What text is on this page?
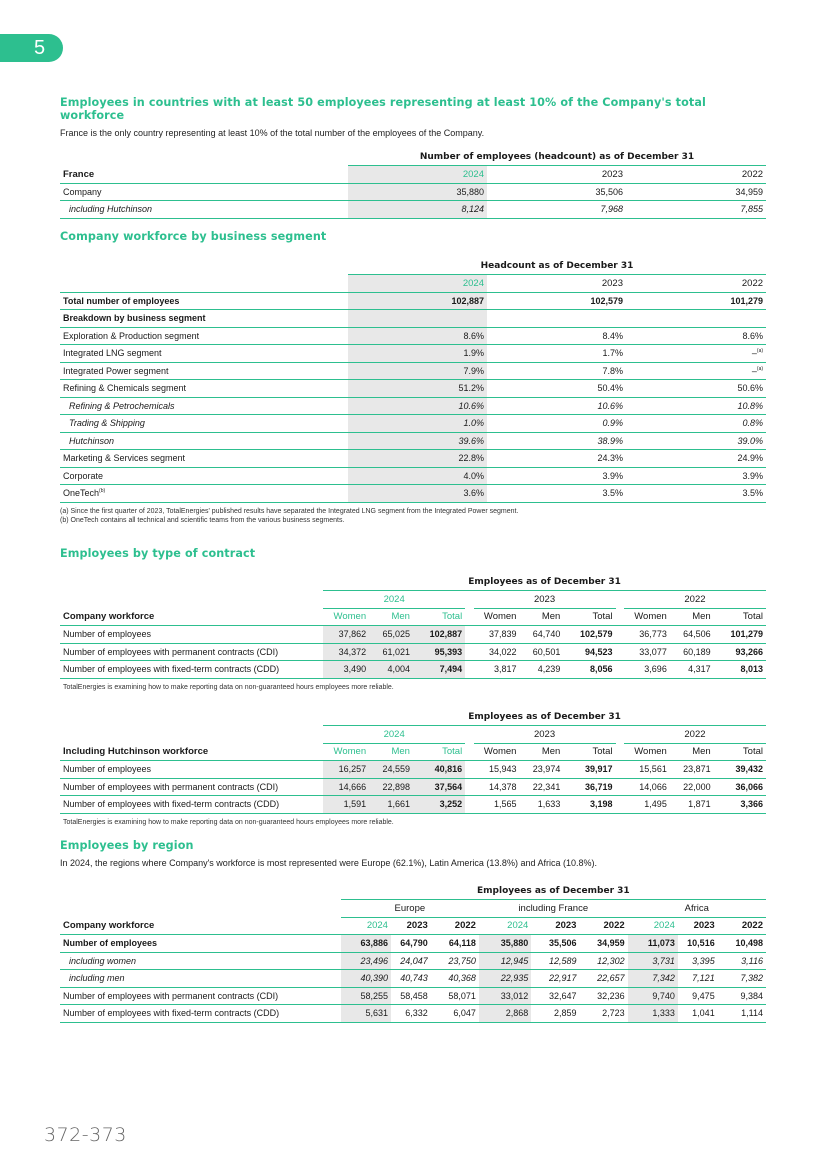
5
Employees in countries with at least 50 employees representing at least 10% of the Company's total workforce
France is the only country representing at least 10% of the total number of the employees of the Company.
	Number of employees (headcount) as of December 31		
France	2024	2023	2022
Company	35,880	35,506	34,959
including Hutchinson	8,124	7,968	7,855
Company workforce by business segment
	Headcount as of December 31		
	2024	2023	2022
Total number of employees	102,887	102,579	101,279
Breakdown by business segment			
Exploration & Production segment	8.6%	8.4%	8.6%
Integrated LNG segment	1.9%	1.7%	–$^{(a)}$
Integrated Power segment	7.9%	7.8%	–$^{(a)}$
Refining & Chemicals segment	51.2%	50.4%	50.6%
Refining & Petrochemicals	10.6%	10.6%	10.8%
Trading & Shipping	1.0%	0.9%	0.8%
Hutchinson	39.6%	38.9%	39.0%
Marketing & Services segment	22.8%	24.3%	24.9%
Corporate	4.0%	3.9%	3.9%
OneTech$^{(b)}$	3.6%	3.5%	3.5%
(a) Since the first quarter of 2023, TotalEnergies' published results have separated the Integrated LNG segment from the Integrated Power segment.
(b) OneTech contains all technical and scientific teams from the various business segments.
Employees by type of contract
	Employees as of December 31										
	2024				2023				2022		
Company workforce	Women	Men	Total		Women	Men	Total		Women	Men	Total
Number of employees	37,862	65,025	102,887		37,839	64,740	102,579		36,773	64,506	101,279
Number of employees with permanent contracts (CDI)	34,372	61,021	95,393		34,022	60,501	94,523		33,077	60,189	93,266
Number of employees with fixed-term contracts (CDD)	3,490	4,004	7,494		3,817	4,239	8,056		3,696	4,317	8,013
TotalEnergies is examining how to make reporting data on non-guaranteed hours employees more reliable.
	Employees as of December 31										
	2024				2023				2022		
Including Hutchinson workforce	Women	Men	Total		Women	Men	Total		Women	Men	Total
Number of employees	16,257	24,559	40,816		15,943	23,974	39,917		15,561	23,871	39,432
Number of employees with permanent contracts (CDI)	14,666	22,898	37,564		14,378	22,341	36,719		14,066	22,000	36,066
Number of employees with fixed-term contracts (CDD)	1,591	1,661	3,252		1,565	1,633	3,198		1,495	1,871	3,366
TotalEnergies is examining how to make reporting data on non-guaranteed hours employees more reliable.
Employees by region
In 2024, the regions where Company's workforce is most represented were Europe (62.1%), Latin America (13.8%) and Africa (10.8%).
	Employees as of December 31								
	Europe			including France			Africa		
Company workforce	2024	2023	2022	2024	2023	2022	2024	2023	2022
Number of employees	63,886	64,790	64,118	35,880	35,506	34,959	11,073	10,516	10,498
including women	23,496	24,047	23,750	12,945	12,589	12,302	3,731	3,395	3,116
including men	40,390	40,743	40,368	22,935	22,917	22,657	7,342	7,121	7,382
Number of employees with permanent contracts (CDI)	58,255	58,458	58,071	33,012	32,647	32,236	9,740	9,475	9,384
Number of employees with fixed-term contracts (CDD)	5,631	6,332	6,047	2,868	2,859	2,723	1,333	1,041	1,114
372-373
